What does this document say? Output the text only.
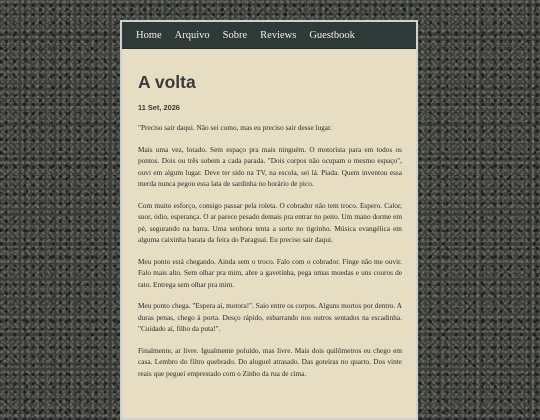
Home Arquivo Sobre Reviews Guestbook
A volta
11 Set, 2026

"Preciso sair daqui. Não sei como, mas eu preciso sair desse lugar.

Mais uma vez, lotado. Sem espaço pra mais ninguém. O motorista para em todos os pontos. Dois ou três sobem a cada parada. "Dois corpos não ocupam o mesmo espaço", ouvi em algum lugar. Deve ter sido na TV, na escola, sei lá. Piada. Quem inventou essa merda nunca pegou essa lata de sardinha no horário de pico.

Com muito esforço, consigo passar pela roleta. O cobrador não tem troco. Espero. Calor, suor, ódio, esperança. O ar parece pesado demais pra entrar no peito. Um mano dorme em pé, segurando na barra. Uma senhora tenta a sorte no tigrinho. Música evangélica em alguma caixinha barata da feira do Paraguai. Eu preciso sair daqui.

Meu ponto está chegando. Ainda sem o troco. Falo com o cobrador. Finge não me ouvir. Falo mais alto. Sem olhar pra mim, abre a gavetinha, pega umas moedas e uns couros de rato. Entrega sem olhar pra mim.

Meu ponto chega. "Espera aí, motora!". Saio entre os corpos. Alguns mortos por dentro. A duras penas, chego à porta. Desço rápido, esbarrando nos outros sentados na escadinha. "Cuidado aí, filho da puta!".

Finalmente, ar livre. Igualmente poluído, mas livre. Mais dois quilômetros eu chego em casa. Lembro do filtro quebrado. Do aluguel atrasado. Das goteiras no quarto. Dos vinte reais que peguei emprestado com o Zinho da rua de cima.
